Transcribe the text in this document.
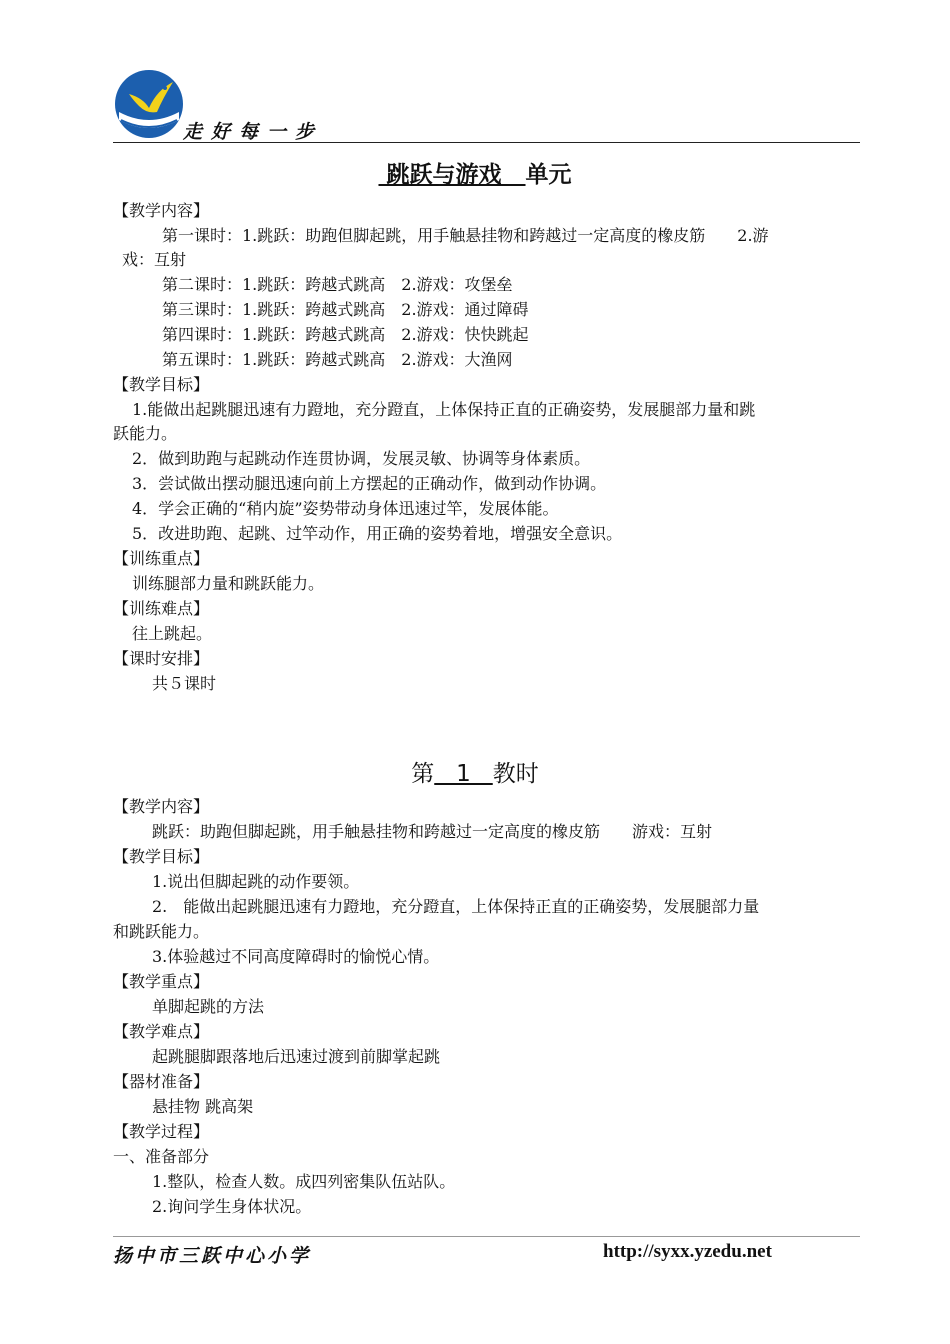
走好每一步
跳跃与游戏   单元
【教学内容】
第一课时：1.跳跃：助跑但脚起跳，用手触悬挂物和跨越过一定高度的橡皮筋　　2.游
戏：互射
第二课时：1.跳跃：跨越式跳高　2.游戏：攻堡垒
第三课时：1.跳跃：跨越式跳高　2.游戏：通过障碍
第四课时：1.跳跃：跨越式跳高　2.游戏：快快跳起
第五课时：1.跳跃：跨越式跳高　2.游戏：大渔网
【教学目标】
1.能做出起跳腿迅速有力蹬地，充分蹬直，上体保持正直的正确姿势，发展腿部力量和跳
跃能力。
2．做到助跑与起跳动作连贯协调，发展灵敏、协调等身体素质。
3．尝试做出摆动腿迅速向前上方摆起的正确动作，做到动作协调。
4．学会正确的“稍内旋”姿势带动身体迅速过竿，发展体能。
5．改进助跑、起跳、过竿动作，用正确的姿势着地，增强安全意识。
【训练重点】
训练腿部力量和跳跃能力。
【训练难点】
往上跳起。
【课时安排】
共５课时
第   1   教时
【教学内容】
跳跃：助跑但脚起跳，用手触悬挂物和跨越过一定高度的橡皮筋　　游戏：互射
【教学目标】
1.说出但脚起跳的动作要领。
2.　能做出起跳腿迅速有力蹬地，充分蹬直，上体保持正直的正确姿势，发展腿部力量
和跳跃能力。
3.体验越过不同高度障碍时的愉悦心情。
【教学重点】
单脚起跳的方法
【教学难点】
起跳腿脚跟落地后迅速过渡到前脚掌起跳
【器材准备】
悬挂物 跳高架
【教学过程】
一、准备部分
1.整队，检查人数。成四列密集队伍站队。
2.询问学生身体状况。
扬中市三跃中心小学	http://syxx.yzedu.net
